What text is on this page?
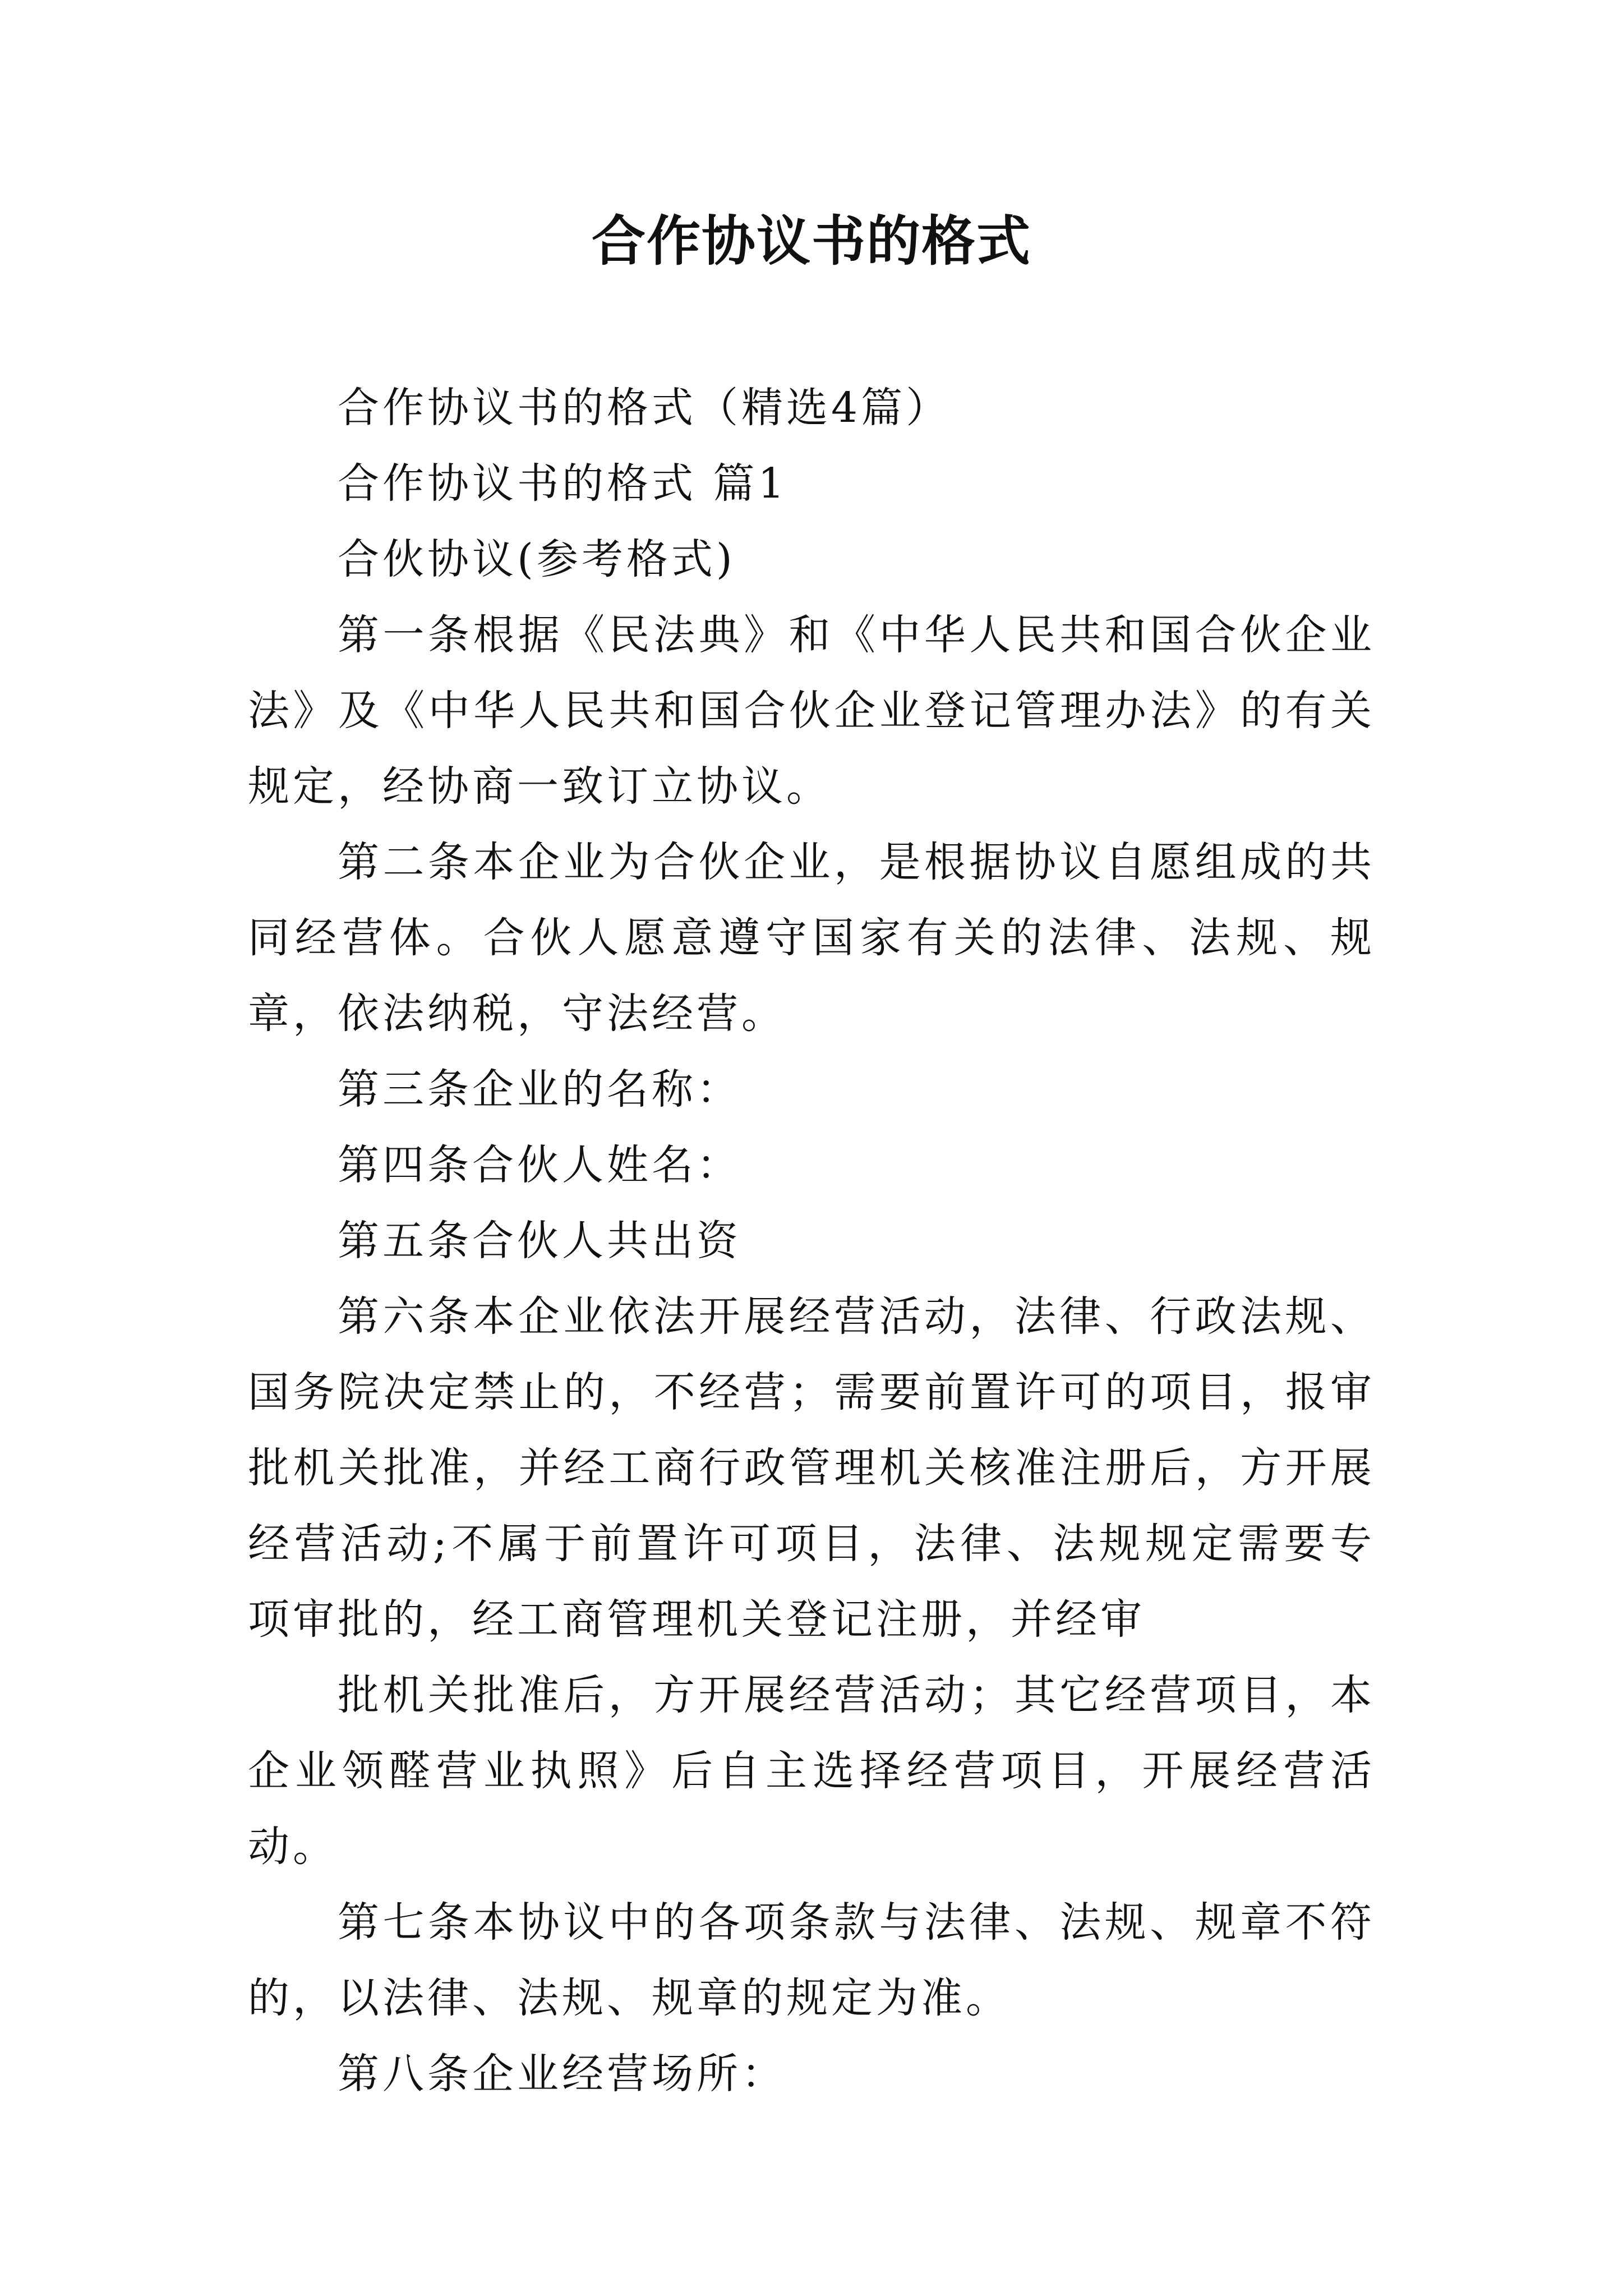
合作协议书的格式

合作协议书的格式（精选4篇）

合作协议书的格式 篇1

合伙协议(参考格式)

第一条根据《民法典》和《中华人民共和国合伙企业法》及《中华人民共和国合伙企业登记管理办法》的有关规定，经协商一致订立协议。

第二条本企业为合伙企业，是根据协议自愿组成的共同经营体。合伙人愿意遵守国家有关的法律、法规、规章，依法纳税，守法经营。

第三条企业的名称：

第四条合伙人姓名：

第五条合伙人共出资

第六条本企业依法开展经营活动，法律、行政法规、国务院决定禁止的，不经营；需要前置许可的项目，报审批机关批准，并经工商行政管理机关核准注册后，方开展经营活动;不属于前置许可项目，法律、法规规定需要专项审批的，经工商管理机关登记注册，并经审

批机关批准后，方开展经营活动；其它经营项目，本企业领醛营业执照》后自主选择经营项目，开展经营活动。

第七条本协议中的各项条款与法律、法规、规章不符的，以法律、法规、规章的规定为准。

第八条企业经营场所：
